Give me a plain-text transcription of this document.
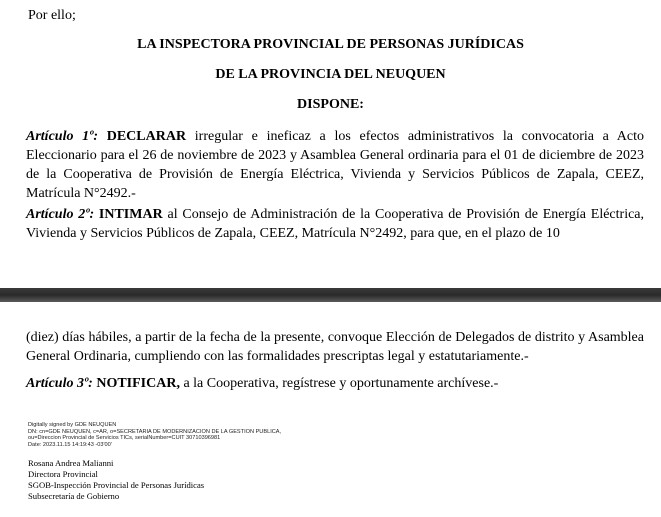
Por ello;
LA INSPECTORA PROVINCIAL DE PERSONAS JURÍDICAS
DE LA PROVINCIA DEL NEUQUEN
DISPONE:
Artículo 1º: DECLARAR irregular e ineficaz a los efectos administrativos la convocatoria a Acto Eleccionario para el 26 de noviembre de 2023 y Asamblea General ordinaria para el 01 de diciembre de 2023 de la Cooperativa de Provisión de Energía Eléctrica, Vivienda y Servicios Públicos de Zapala, CEEZ, Matrícula N°2492.-
Artículo 2º: INTIMAR al Consejo de Administración de la Cooperativa de Provisión de Energía Eléctrica, Vivienda y Servicios Públicos de Zapala, CEEZ, Matrícula N°2492, para que, en el plazo de 10
(diez) días hábiles, a partir de la fecha de la presente, convoque Elección de Delegados de distrito y Asamblea General Ordinaria, cumpliendo con las formalidades prescriptas legal y estatutariamente.-
Artículo 3º: NOTIFICAR, a la Cooperativa, regístrese y oportunamente archívese.-
Digitally signed by GDE NEUQUEN
DN: cn=GDE NEUQUEN, c=AR, o=SECRETARIA DE MODERNIZACION DE LA GESTION PUBLICA,
ou=Direccion Provincial de Servicios TICs, serialNumber=CUIT 30710396981
Date: 2023.11.15 14:19:43 -03'00'
Rosana Andrea Malianni
Directora Provincial
SGOB-Inspección Provincial de Personas Jurídicas
Subsecretaría de Gobierno
